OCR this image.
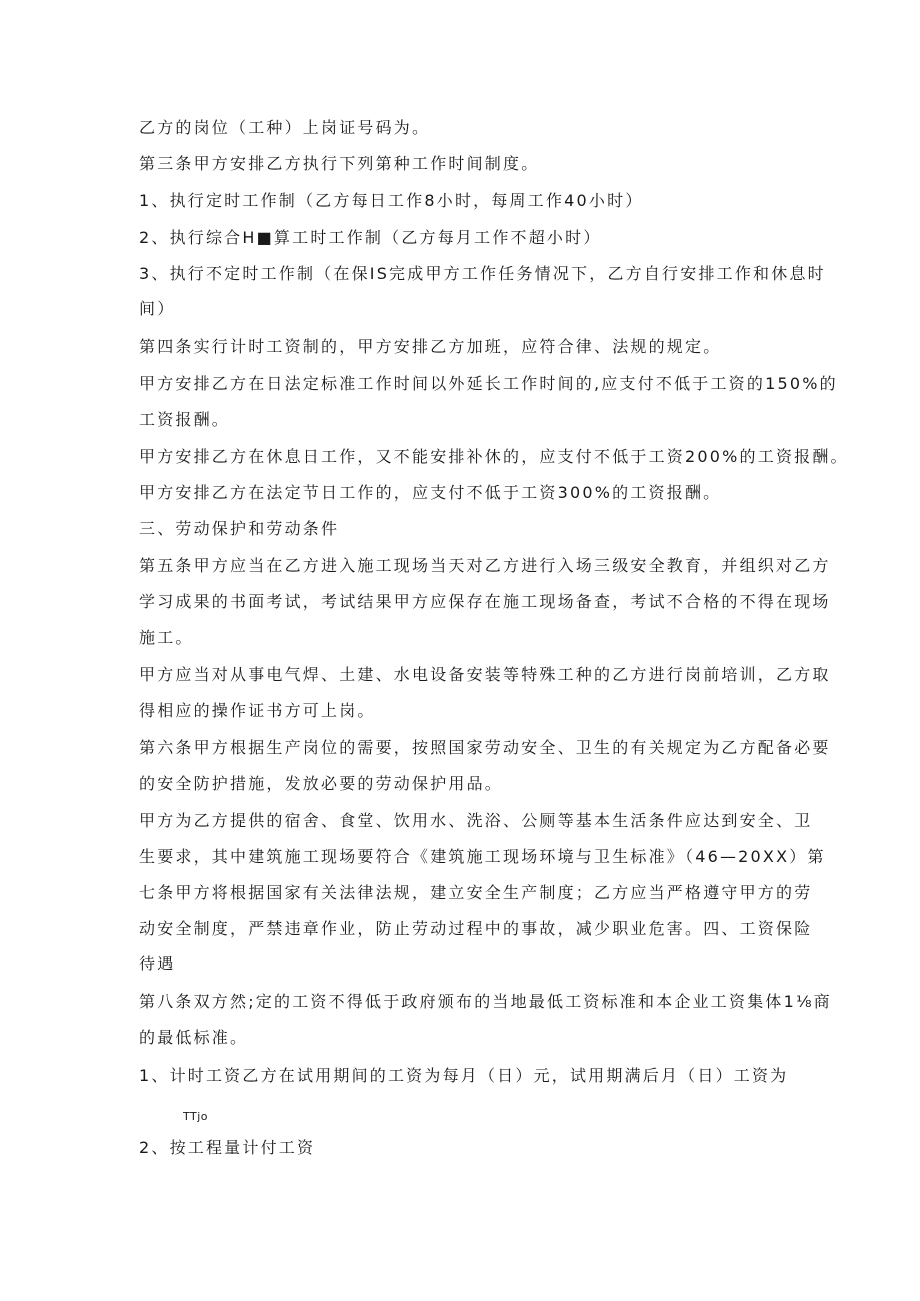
乙方的岗位（工种）上岗证号码为。
第三条甲方安排乙方执行下列第种工作时间制度。
1、执行定时工作制（乙方每日工作8小时，每周工作40小时）
2、执行综合H■算工时工作制（乙方每月工作不超小时）
3、执行不定时工作制（在保IS完成甲方工作任务情况下，乙方自行安排工作和休息时
间）
第四条实行计时工资制的，甲方安排乙方加班，应符合律、法规的规定。
甲方安排乙方在日法定标准工作时间以外延长工作时间的,应支付不低于工资的150%的
工资报酬。
甲方安排乙方在休息日工作，又不能安排补休的，应支付不低于工资200%的工资报酬。
甲方安排乙方在法定节日工作的，应支付不低于工资300%的工资报酬。
三、劳动保护和劳动条件
第五条甲方应当在乙方进入施工现场当天对乙方进行入场三级安全教育，并组织对乙方
学习成果的书面考试，考试结果甲方应保存在施工现场备查，考试不合格的不得在现场
施工。
甲方应当对从事电气焊、土建、水电设备安装等特殊工种的乙方进行岗前培训，乙方取
得相应的操作证书方可上岗。
第六条甲方根据生产岗位的需要，按照国家劳动安全、卫生的有关规定为乙方配备必要
的安全防护措施，发放必要的劳动保护用品。
甲方为乙方提供的宿舍、食堂、饮用水、洗浴、公厕等基本生活条件应达到安全、卫
生要求，其中建筑施工现场要符合《建筑施工现场环境与卫生标准》（46—20XX）第
七条甲方将根据国家有关法律法规，建立安全生产制度；乙方应当严格遵守甲方的劳
动安全制度，严禁违章作业，防止劳动过程中的事故，减少职业危害。四、工资保险
待遇
第八条双方然;定的工资不得低于政府颁布的当地最低工资标准和本企业工资集体1⅛商
的最低标准。
1、计时工资乙方在试用期间的工资为每月（日）元，试用期满后月（日）工资为
TTjo
2、按工程量计付工资
